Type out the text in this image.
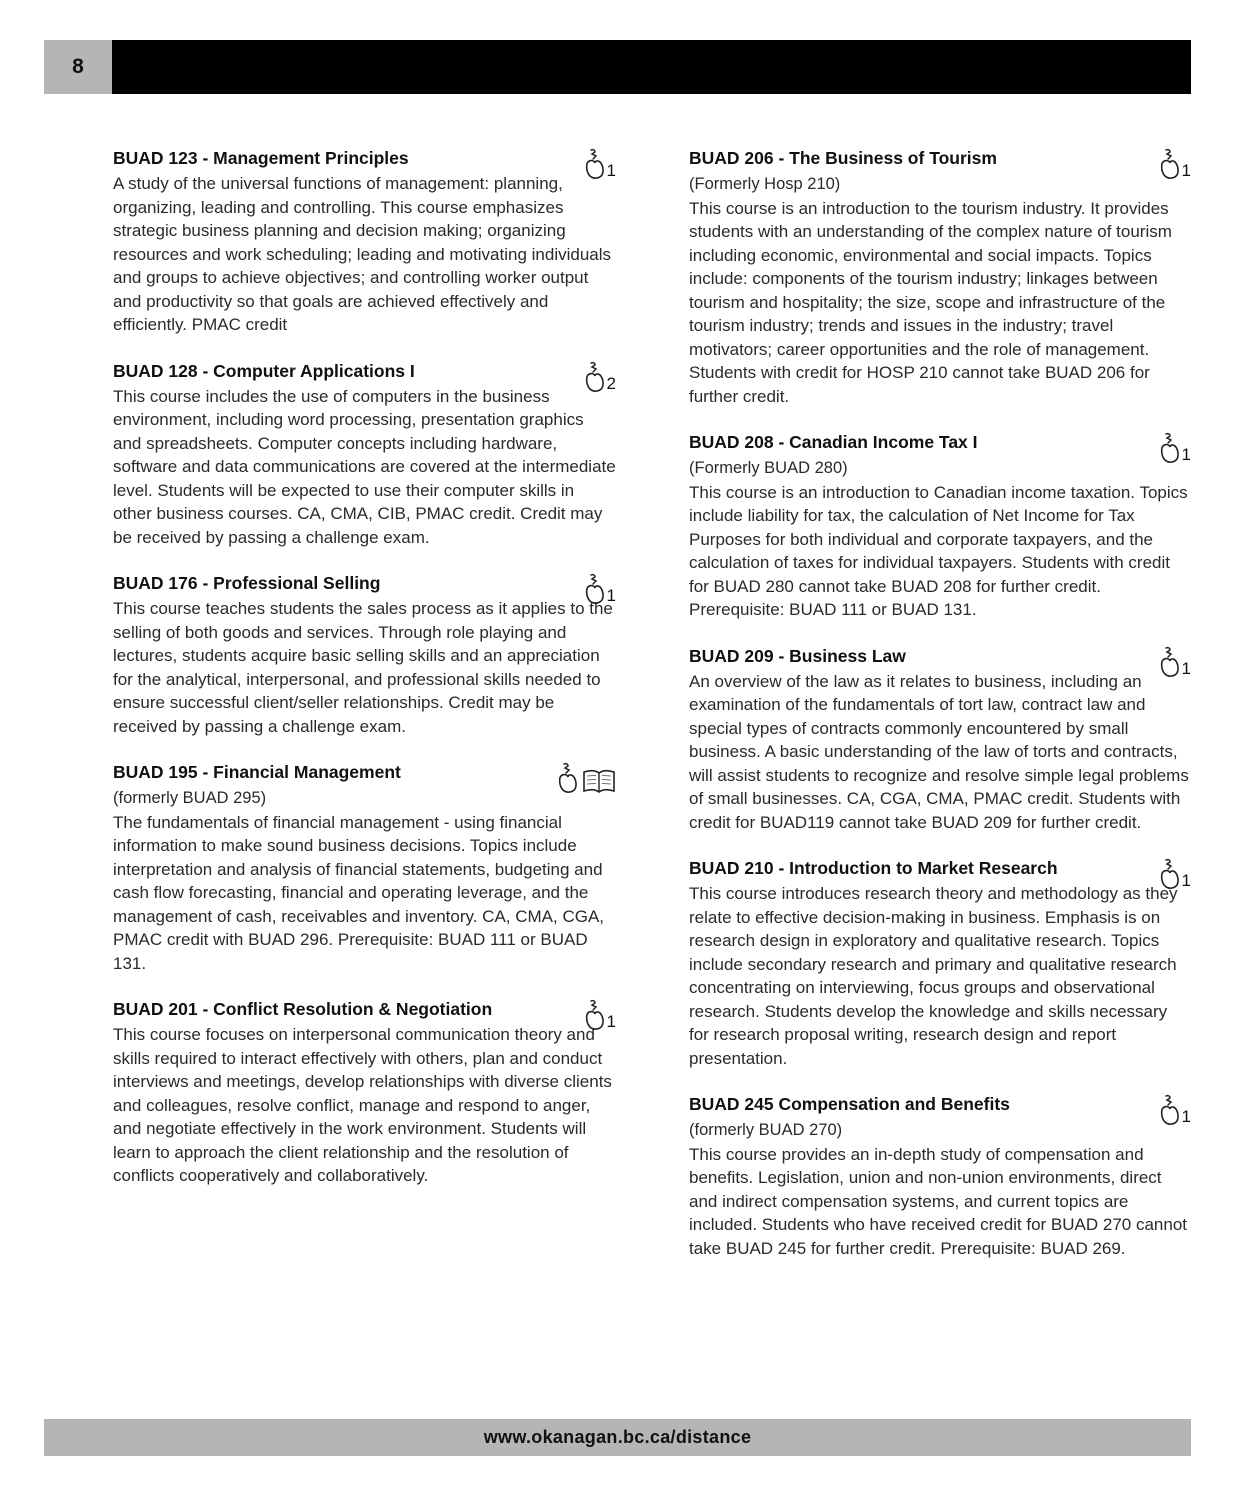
8
BUAD 123 - Management Principles
1
A study of the universal functions of management: planning, organizing, leading and controlling. This course emphasizes strategic business planning and decision making; organizing resources and work scheduling; leading and motivating individuals and groups to achieve objectives; and controlling worker output and productivity so that goals are achieved effectively and efficiently. PMAC credit
BUAD 128 - Computer Applications I
2
This course includes the use of computers in the business environment, including word processing, presentation graphics and spreadsheets. Computer concepts including hardware, software and data communications are covered at the intermediate level. Students will be expected to use their computer skills in other business courses. CA, CMA, CIB, PMAC credit. Credit may be received by passing a challenge exam.
BUAD 176 - Professional Selling
1
This course teaches students the sales process as it applies to the selling of both goods and services. Through role playing and lectures, students acquire basic selling skills and an appreciation for the analytical, interpersonal, and professional skills needed to ensure successful client/seller relationships. Credit may be received by passing a challenge exam.
BUAD 195 - Financial Management
(formerly BUAD 295)
The fundamentals of financial management - using financial information to make sound business decisions. Topics include interpretation and analysis of financial statements, budgeting and cash flow forecasting, financial and operating leverage, and the management of cash, receivables and inventory. CA, CMA, CGA, PMAC credit with BUAD 296. Prerequisite: BUAD 111 or BUAD 131.
BUAD 201 - Conflict Resolution & Negotiation
1
This course focuses on interpersonal communication theory and skills required to interact effectively with others, plan and conduct interviews and meetings, develop relationships with diverse clients and colleagues, resolve conflict, manage and respond to anger, and negotiate effectively in the work environment. Students will learn to approach the client relationship and the resolution of conflicts cooperatively and collaboratively.
BUAD 206 - The Business of Tourism
1
(Formerly Hosp 210)
This course is an introduction to the tourism industry. It provides students with an understanding of the complex nature of tourism including economic, environmental and social impacts. Topics include: components of the tourism industry; linkages between tourism and hospitality; the size, scope and infrastructure of the tourism industry; trends and issues in the industry; travel motivators; career opportunities and the role of management. Students with credit for HOSP 210 cannot take BUAD 206 for further credit.
BUAD 208 - Canadian Income Tax I
1
(Formerly BUAD 280)
This course is an introduction to Canadian income taxation. Topics include liability for tax, the calculation of Net Income for Tax Purposes for both individual and corporate taxpayers, and the calculation of taxes for individual taxpayers. Students with credit for BUAD 280 cannot take BUAD 208 for further credit. Prerequisite: BUAD 111 or BUAD 131.
BUAD 209 - Business Law
1
An overview of the law as it relates to business, including an examination of the fundamentals of tort law, contract law and special types of contracts commonly encountered by small business. A basic understanding of the law of torts and contracts, will assist students to recognize and resolve simple legal problems of small businesses. CA, CGA, CMA, PMAC credit. Students with credit for BUAD119 cannot take BUAD 209 for further credit.
BUAD 210 - Introduction to Market Research
1
This course introduces research theory and methodology as they relate to effective decision-making in business. Emphasis is on research design in exploratory and qualitative research. Topics include secondary research and primary and qualitative research concentrating on interviewing, focus groups and observational research. Students develop the knowledge and skills necessary for research proposal writing, research design and report presentation.
BUAD 245 Compensation and Benefits
1
(formerly BUAD 270)
This course provides an in-depth study of compensation and benefits. Legislation, union and non-union environments, direct and indirect compensation systems, and current topics are included. Students who have received credit for BUAD 270 cannot take BUAD 245 for further credit. Prerequisite: BUAD 269.
www.okanagan.bc.ca/distance
